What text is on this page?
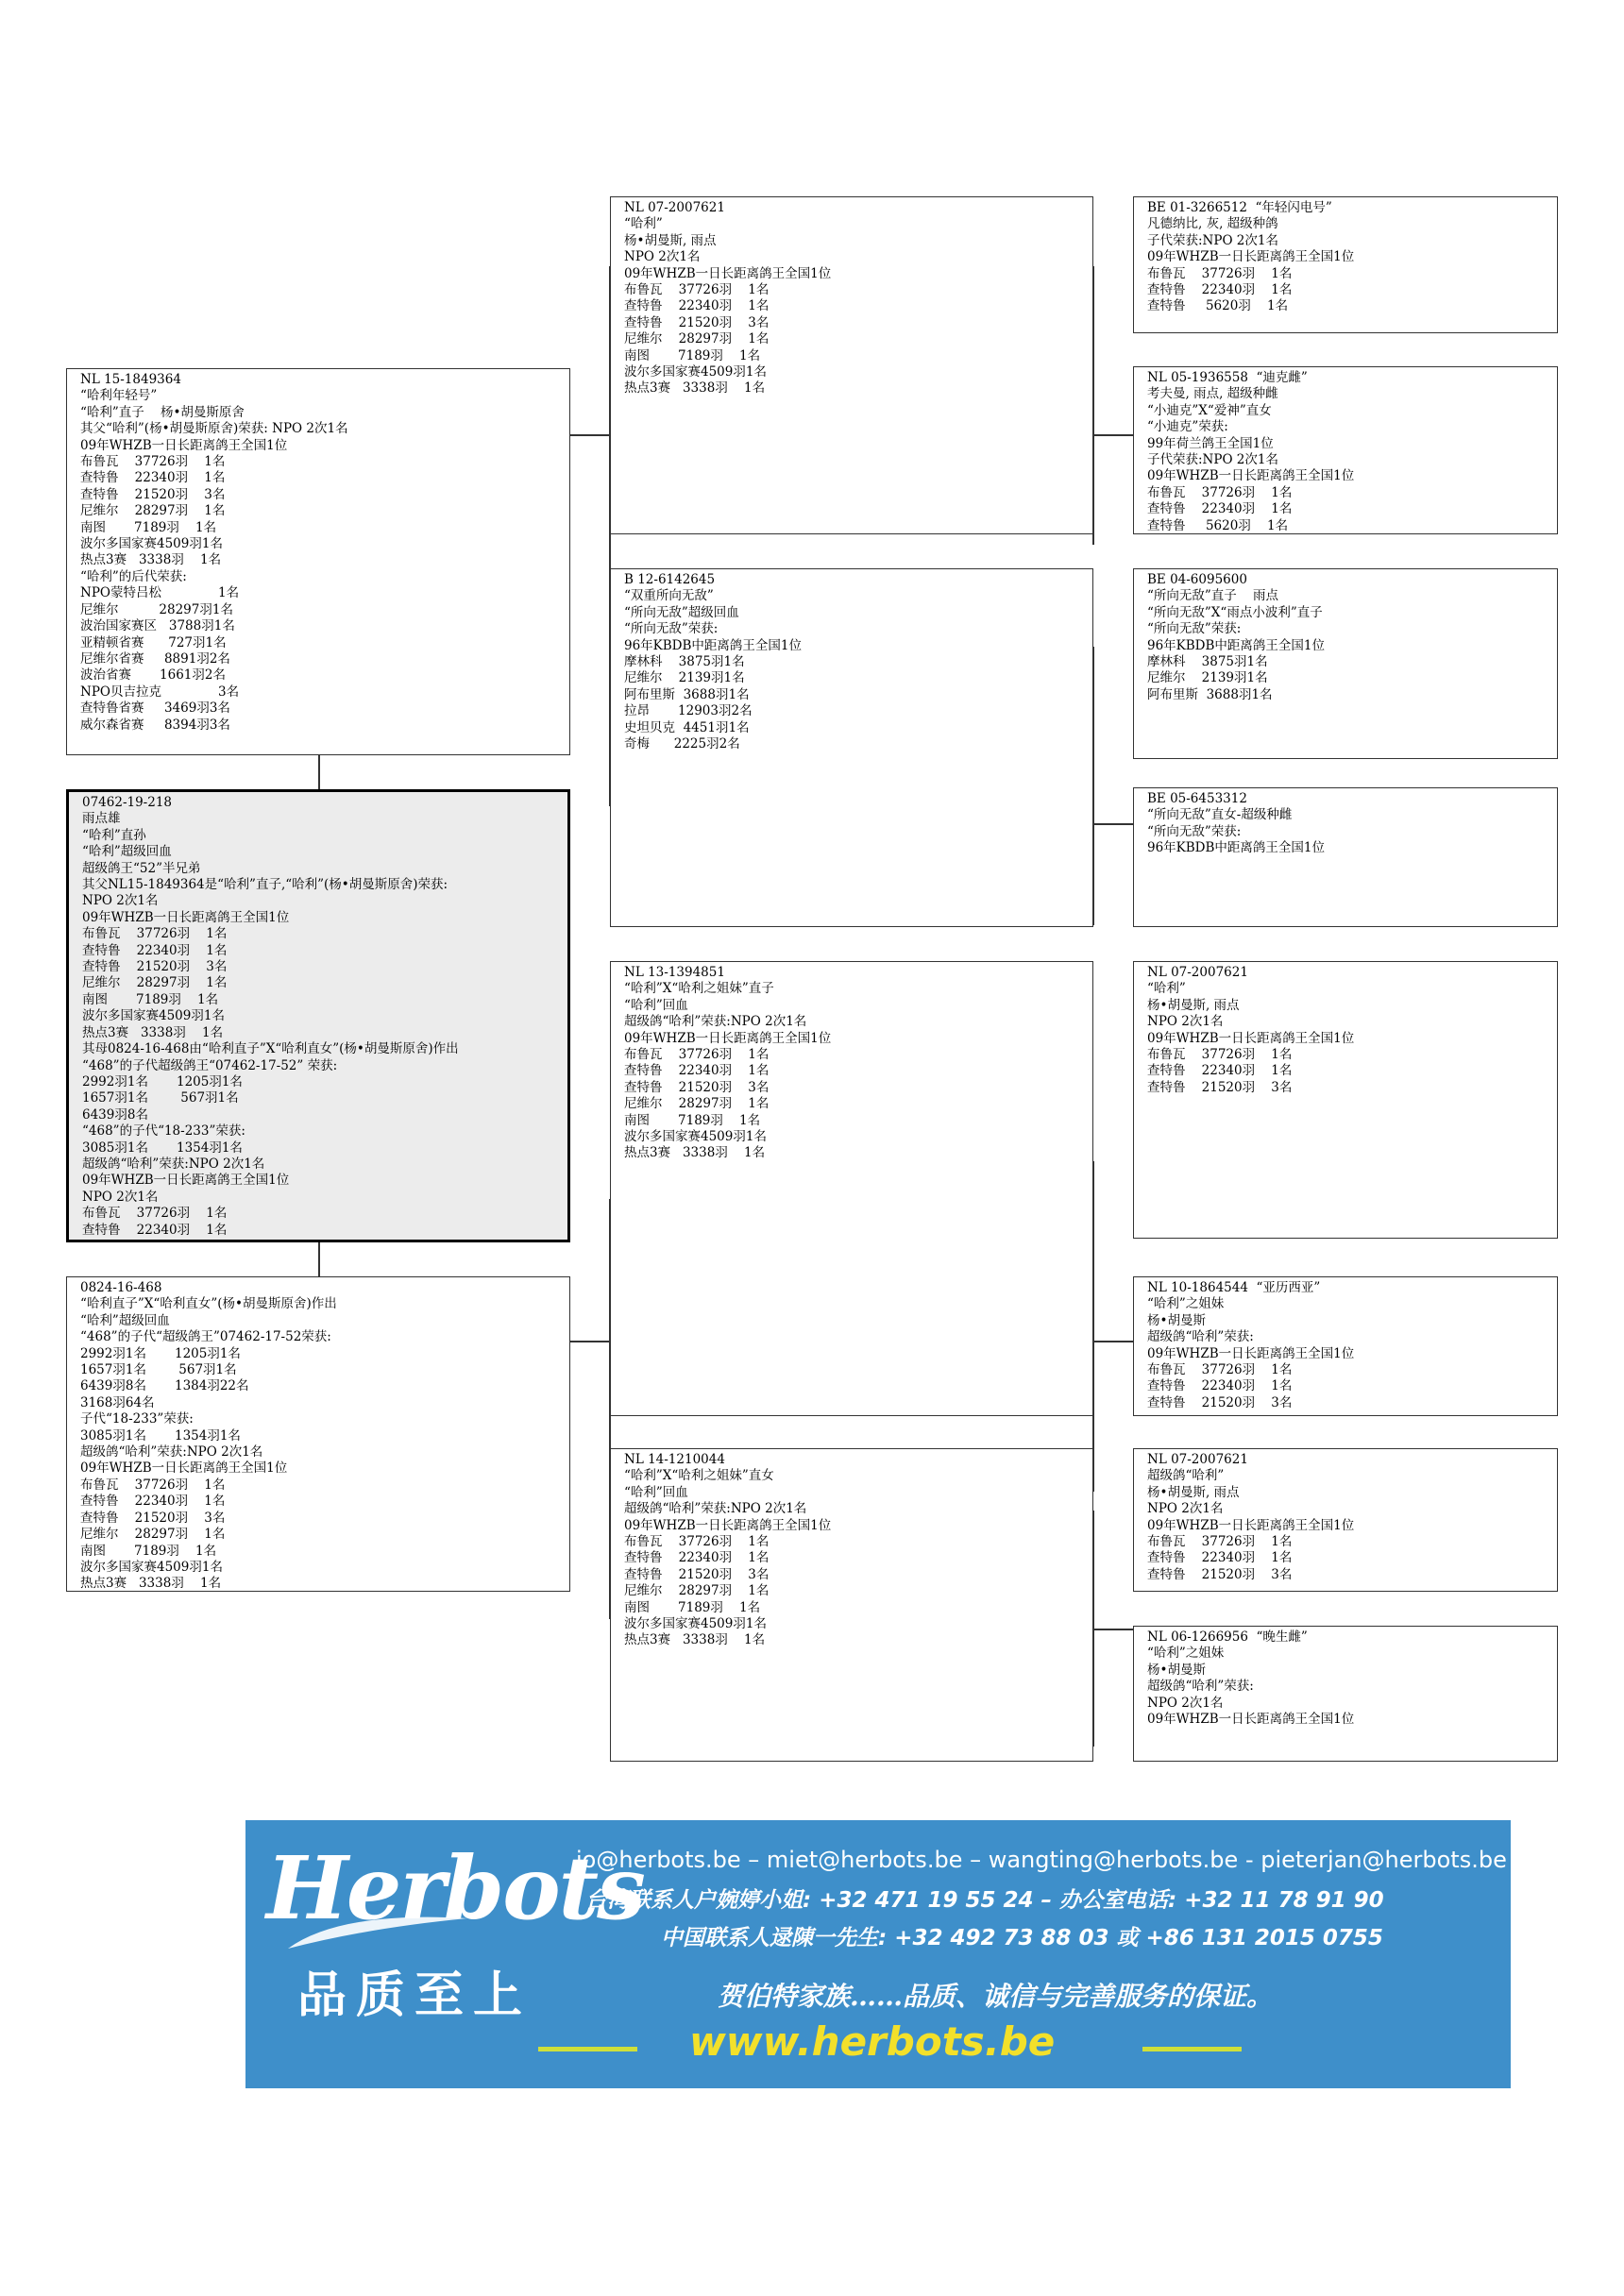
BE 01-3266512  “年轻闪电号”
凡德纳比, 灰, 超级种鸽
子代荣获:NPO 2次1名
09年WHZB一日长距离鸽王全国1位
布鲁瓦    37726羽    1名
查特鲁    22340羽    1名
查特鲁     5620羽    1名
NL 07-2007621
“哈利”
杨•胡曼斯, 雨点
NPO 2次1名
09年WHZB一日长距离鸽王全国1位
布鲁瓦    37726羽    1名
查特鲁    22340羽    1名
查特鲁    21520羽    3名
尼维尔    28297羽    1名
南图       7189羽    1名
波尔多国家赛4509羽1名
热点3赛   3338羽    1名
NL 05-1936558  “迪克雌”
考夫曼, 雨点, 超级种雌
“小迪克”X“爱神”直女
“小迪克”荣获:
99年荷兰鸽王全国1位
子代荣获:NPO 2次1名
09年WHZB一日长距离鸽王全国1位
布鲁瓦    37726羽    1名
查特鲁    22340羽    1名
查特鲁     5620羽    1名
NL 15-1849364
“哈利年轻号”
“哈利”直子    杨•胡曼斯原舍
其父“哈利”(杨•胡曼斯原舍)荣获: NPO 2次1名
09年WHZB一日长距离鸽王全国1位
布鲁瓦    37726羽    1名
查特鲁    22340羽    1名
查特鲁    21520羽    3名
尼维尔    28297羽    1名
南图       7189羽    1名
波尔多国家赛4509羽1名
热点3赛   3338羽    1名
“哈利”的后代荣获:
NPO蒙特吕松              1名
尼维尔          28297羽1名
波治国家赛区   3788羽1名
亚精顿省赛      727羽1名
尼维尔省赛     8891羽2名
波治省赛       1661羽2名
NPO贝吉拉克              3名
查特鲁省赛     3469羽3名
威尔森省赛     8394羽3名
B 12-6142645
“双重所向无敌”
“所向无敌”超级回血
“所向无敌”荣获:
96年KBDB中距离鸽王全国1位
摩林科    3875羽1名
尼维尔    2139羽1名
阿布里斯  3688羽1名
拉昂       12903羽2名
史坦贝克  4451羽1名
奇梅      2225羽2名
BE 04-6095600
“所向无敌”直子    雨点
“所向无敌”X“雨点小波利”直子
“所向无敌”荣获:
96年KBDB中距离鸽王全国1位
摩林科    3875羽1名
尼维尔    2139羽1名
阿布里斯  3688羽1名
BE 05-6453312
“所向无敌”直女-超级种雌
“所向无敌”荣获:
96年KBDB中距离鸽王全国1位
07462-19-218
雨点雄
“哈利”直孙
“哈利”超级回血
超级鸽王“52”半兄弟
其父NL15-1849364是“哈利”直子,“哈利”(杨•胡曼斯原舍)荣获:
NPO 2次1名
09年WHZB一日长距离鸽王全国1位
布鲁瓦    37726羽    1名
查特鲁    22340羽    1名
查特鲁    21520羽    3名
尼维尔    28297羽    1名
南图       7189羽    1名
波尔多国家赛4509羽1名
热点3赛   3338羽    1名
其母0824-16-468由“哈利直子”X“哈利直女”(杨•胡曼斯原舍)作出
“468”的子代超级鸽王“07462-17-52” 荣获:
2992羽1名       1205羽1名
1657羽1名        567羽1名
6439羽8名
“468”的子代“18-233”荣获:
3085羽1名       1354羽1名
超级鸽“哈利”荣获:NPO 2次1名
09年WHZB一日长距离鸽王全国1位
NPO 2次1名
布鲁瓦    37726羽    1名
查特鲁    22340羽    1名
NL 13-1394851
“哈利”X“哈利之姐妹”直子
“哈利”回血
超级鸽“哈利”荣获:NPO 2次1名
09年WHZB一日长距离鸽王全国1位
布鲁瓦    37726羽    1名
查特鲁    22340羽    1名
查特鲁    21520羽    3名
尼维尔    28297羽    1名
南图       7189羽    1名
波尔多国家赛4509羽1名
热点3赛   3338羽    1名
NL 07-2007621
“哈利”
杨•胡曼斯, 雨点
NPO 2次1名
09年WHZB一日长距离鸽王全国1位
布鲁瓦    37726羽    1名
查特鲁    22340羽    1名
查特鲁    21520羽    3名
0824-16-468
“哈利直子”X“哈利直女”(杨•胡曼斯原舍)作出
“哈利”超级回血
“468”的子代“超级鸽王”07462-17-52荣获:
2992羽1名       1205羽1名
1657羽1名        567羽1名
6439羽8名       1384羽22名
3168羽64名
子代“18-233”荣获:
3085羽1名       1354羽1名
超级鸽“哈利”荣获:NPO 2次1名
09年WHZB一日长距离鸽王全国1位
布鲁瓦    37726羽    1名
查特鲁    22340羽    1名
查特鲁    21520羽    3名
尼维尔    28297羽    1名
南图       7189羽    1名
波尔多国家赛4509羽1名
热点3赛   3338羽    1名
NL 10-1864544  “亚历西亚”
“哈利”之姐妹
杨•胡曼斯
超级鸽“哈利”荣获:
09年WHZB一日长距离鸽王全国1位
布鲁瓦    37726羽    1名
查特鲁    22340羽    1名
查特鲁    21520羽    3名
NL 14-1210044
“哈利”X“哈利之姐妹”直女
“哈利”回血
超级鸽“哈利”荣获:NPO 2次1名
09年WHZB一日长距离鸽王全国1位
布鲁瓦    37726羽    1名
查特鲁    22340羽    1名
查特鲁    21520羽    3名
尼维尔    28297羽    1名
南图       7189羽    1名
波尔多国家赛4509羽1名
热点3赛   3338羽    1名
NL 07-2007621
超级鸽“哈利”
杨•胡曼斯, 雨点
NPO 2次1名
09年WHZB一日长距离鸽王全国1位
布鲁瓦    37726羽    1名
查特鲁    22340羽    1名
查特鲁    21520羽    3名
NL 06-1266956  “晚生雌”
“哈利”之姐妹
杨•胡曼斯
超级鸽“哈利”荣获:
NPO 2次1名
09年WHZB一日长距离鸽王全国1位
Herbots
品质至上
jo@herbots.be – miet@herbots.be – wangting@herbots.be - pieterjan@herbots.be
台湾联系人户婉婷小姐: +32 471 19 55 24 – 办公室电话: +32 11 78 91 90
中国联系人逯陳一先生: +32 492 73 88 03 或 +86 131 2015 0755
贺伯特家族……品质、诚信与完善服务的保证。
www.herbots.be
